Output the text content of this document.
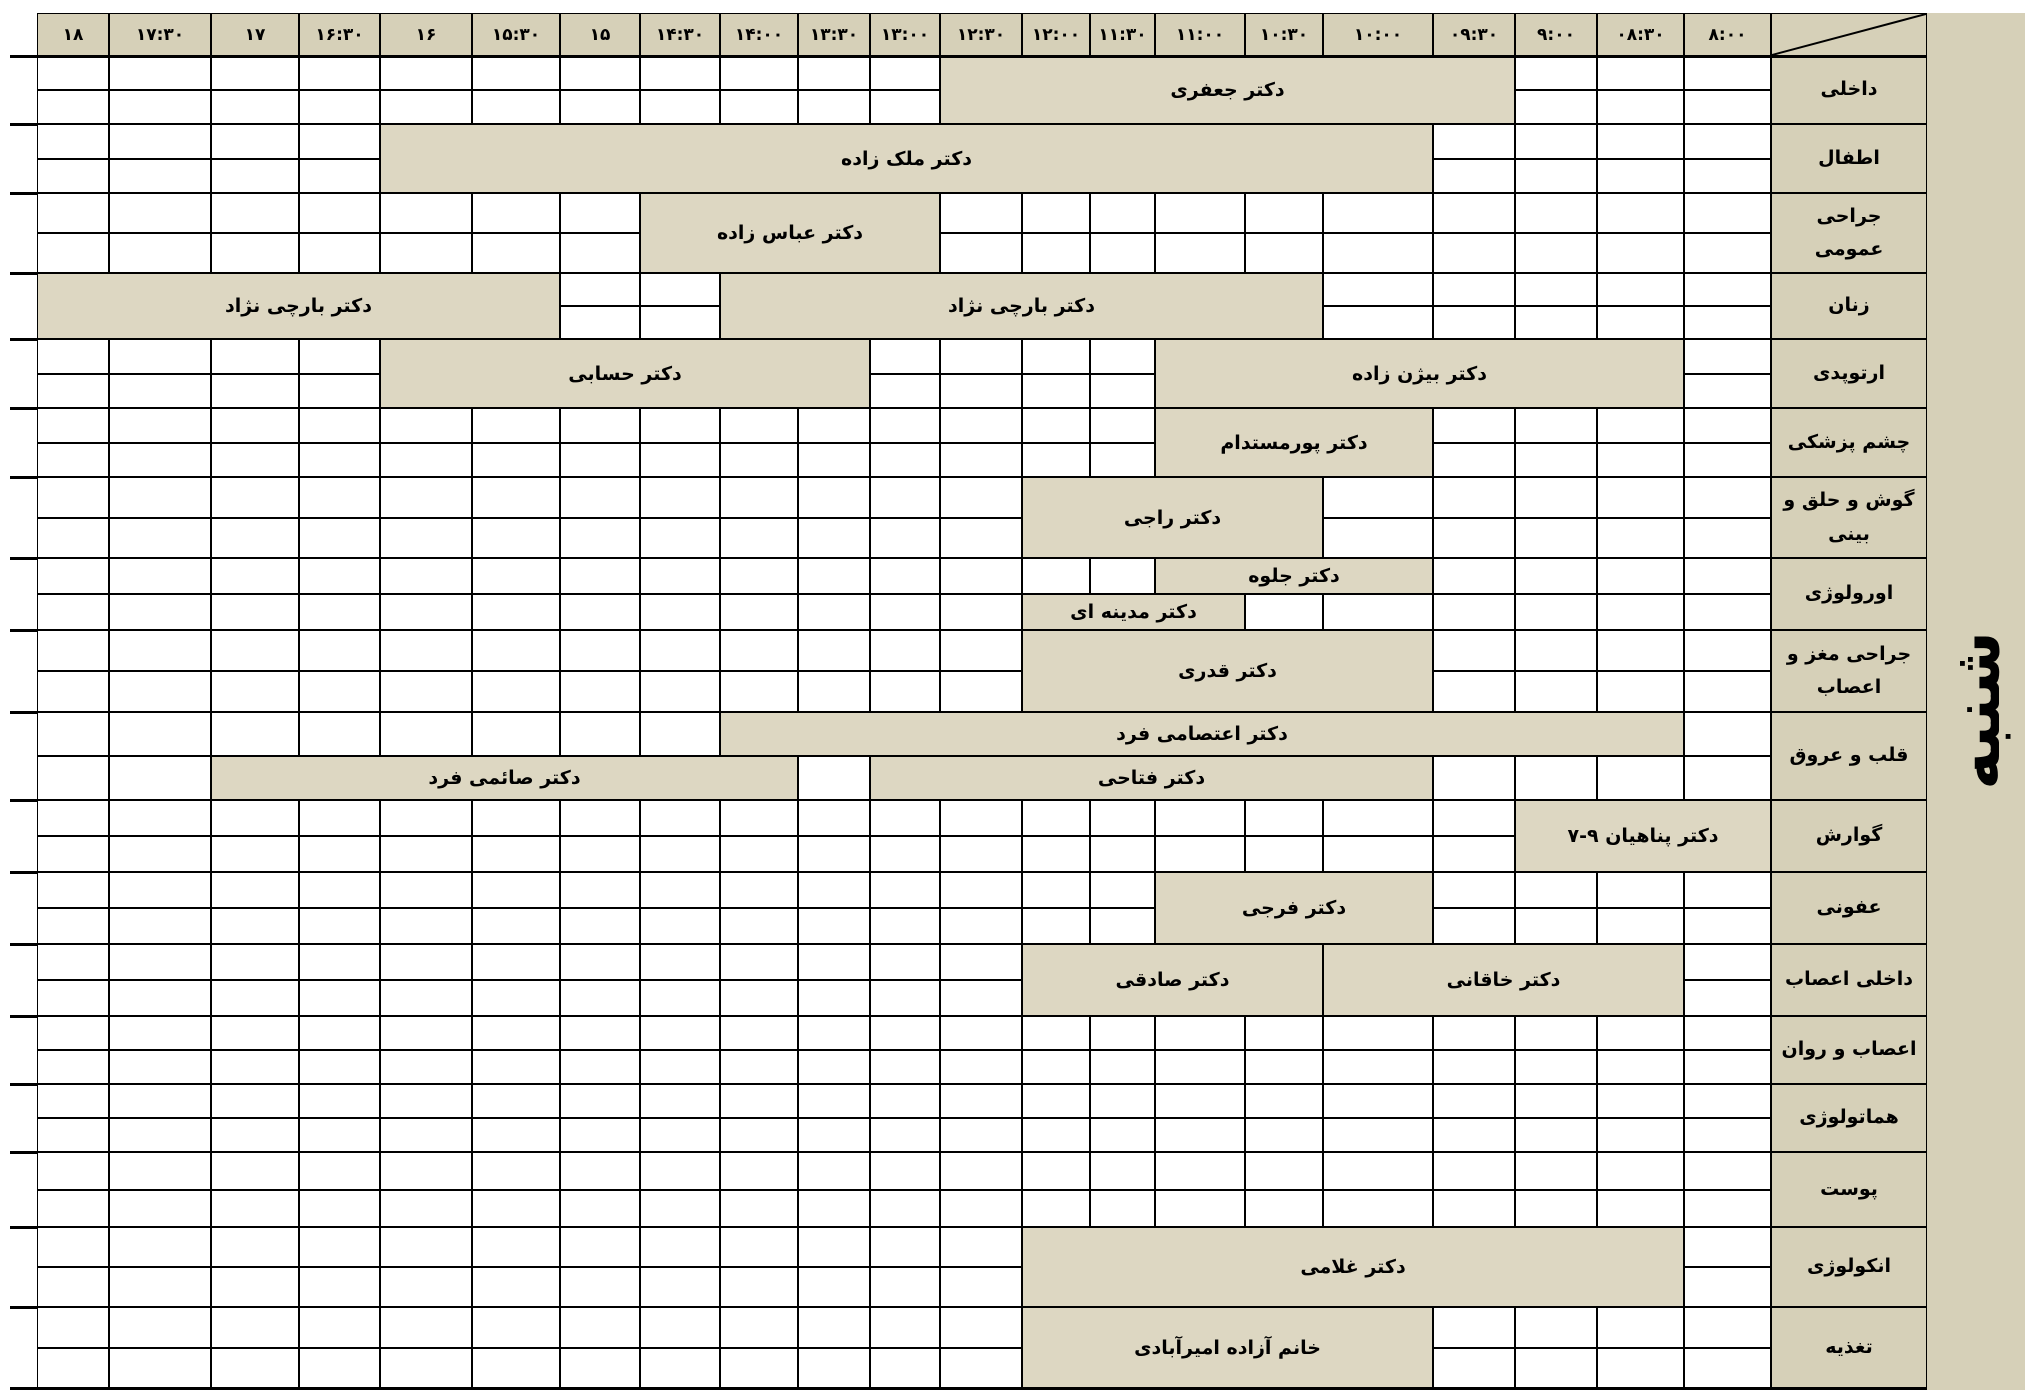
شنبه
۸:۰۰
۰۸:۳۰
۹:۰۰
۰۹:۳۰
۱۰:۰۰
۱۰:۳۰
۱۱:۰۰
۱۱:۳۰
۱۲:۰۰
۱۲:۳۰
۱۳:۰۰
۱۳:۳۰
۱۴:۰۰
۱۴:۳۰
۱۵
۱۵:۳۰
۱۶
۱۶:۳۰
۱۷
۱۷:۳۰
۱۸
داخلی
دکتر جعفری
اطفال
دکتر ملک زاده
جراحی عمومی
دکتر عباس زاده
زنان
دکتر بارچی نژاد
دکتر بارچی نژاد
ارتوپدی
دکتر بیژن زاده
دکتر حسابی
چشم پزشکی
دکتر پورمستدام
گوش و حلق و بینی
دکتر راجی
اورولوژی
دکتر جلوه
دکتر مدینه ای
جراحی مغز و اعصاب
دکتر قدری
قلب و عروق
دکتر اعتصامی فرد
دکتر فتاحی
دکتر صائمی فرد
گوارش
دکتر پناهیان ۹-۷
عفونی
دکتر فرجی
داخلی اعصاب
دکتر خاقانی
دکتر صادقی
اعصاب و روان
هماتولوژی
پوست
انکولوژی
دکتر غلامی
تغذیه
خانم آزاده امیرآبادی
